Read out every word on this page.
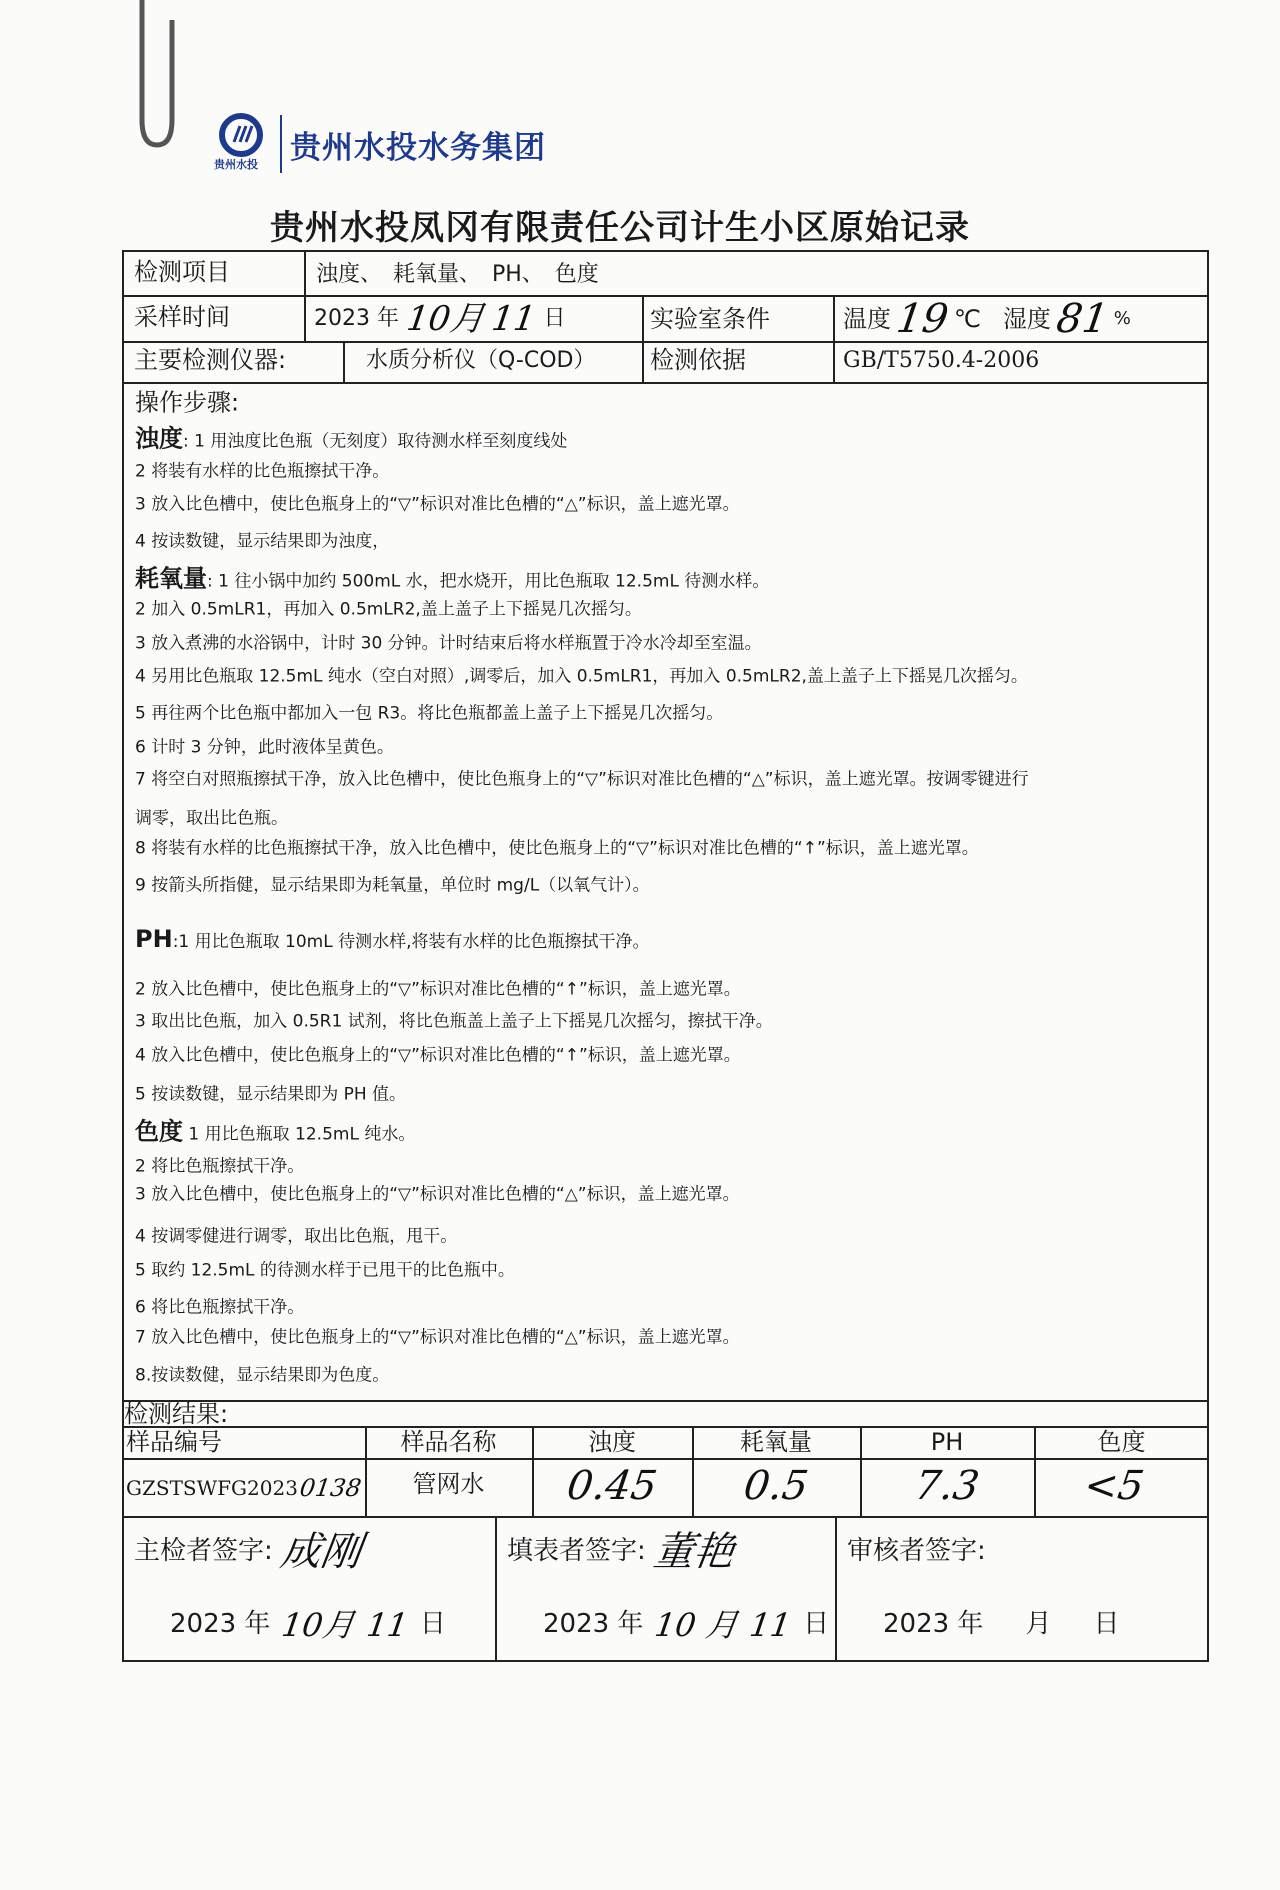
贵州水投 贵州水投水务集团
贵州水投凤冈有限责任公司计生小区原始记录
检测项目	浊度、　耗氧量、　PH、　色度
采样时间	2023 年 10月 11 日	实验室条件	温度 19 ℃ 湿度 81 %
主要检测仪器:	水质分析仪（Q-COD） 检测依据	GB/T5750.4-2006
操作步骤:
浊度: 1 用浊度比色瓶（无刻度）取待测水样至刻度线处
2 将装有水样的比色瓶擦拭干净。
3 放入比色槽中，使比色瓶身上的“▽”标识对准比色槽的“△”标识，盖上遮光罩。
4 按读数键，显示结果即为浊度，
耗氧量: 1 往小锅中加约 500mL 水，把水烧开，用比色瓶取 12.5mL 待测水样。
2 加入 0.5mLR1，再加入 0.5mLR2,盖上盖子上下摇晃几次摇匀。
3 放入煮沸的水浴锅中，计时 30 分钟。计时结束后将水样瓶置于冷水冷却至室温。
4 另用比色瓶取 12.5mL 纯水（空白对照）,调零后，加入 0.5mLR1，再加入 0.5mLR2,盖上盖子上下摇晃几次摇匀。
5 再往两个比色瓶中都加入一包 R3。将比色瓶都盖上盖子上下摇晃几次摇匀。
6 计时 3 分钟，此时液体呈黄色。
7 将空白对照瓶擦拭干净，放入比色槽中，使比色瓶身上的“▽”标识对准比色槽的“△”标识，盖上遮光罩。按调零键进行
调零，取出比色瓶。
8 将装有水样的比色瓶擦拭干净，放入比色槽中，使比色瓶身上的“▽”标识对准比色槽的“↑”标识，盖上遮光罩。
9 按箭头所指健，显示结果即为耗氧量，单位时 mg/L（以氧气计）。
PH:1 用比色瓶取 10mL 待测水样,将装有水样的比色瓶擦拭干净。
2 放入比色槽中，使比色瓶身上的“▽”标识对准比色槽的“↑”标识，盖上遮光罩。
3 取出比色瓶，加入 0.5R1 试剂，将比色瓶盖上盖子上下摇晃几次摇匀，擦拭干净。
4 放入比色槽中，使比色瓶身上的“▽”标识对准比色槽的“↑”标识，盖上遮光罩。
5 按读数键，显示结果即为 PH 值。
色度 1 用比色瓶取 12.5mL 纯水。
2 将比色瓶擦拭干净。
3 放入比色槽中，使比色瓶身上的“▽”标识对准比色槽的“△”标识，盖上遮光罩。
4 按调零健进行调零，取出比色瓶，甩干。
5 取约 12.5mL 的待测水样于已甩干的比色瓶中。
6 将比色瓶擦拭干净。
7 放入比色槽中，使比色瓶身上的“▽”标识对准比色槽的“△”标识，盖上遮光罩。
8.按读数健，显示结果即为色度。
检测结果:
样品编号	样品名称	浊度	耗氧量	PH	色度
GZSTSWFG2023 0138	管网水	0.45	0.5	7.3	<5
主检者签字: 成刚
2023 年 10月 11 日
填表者签字: 董艳
2023 年 10 月 11 日
审核者签字:
2023 年 月 日
